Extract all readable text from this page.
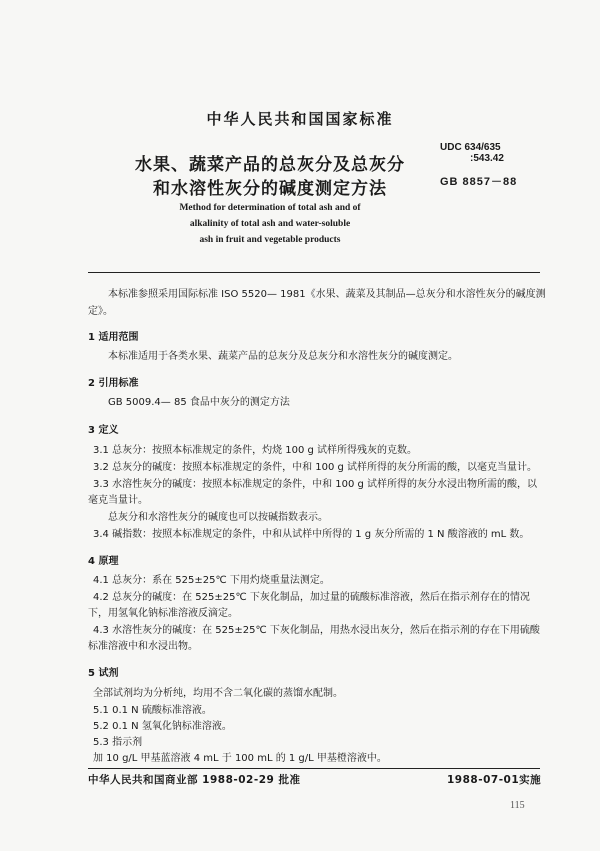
中华人民共和国国家标准
水果、蔬菜产品的总灰分及总灰分
和水溶性灰分的碱度测定方法
UDC 634/635
:543.42
GB 8857－88
Method for determination of total ash and of
alkalinity of total ash and water-soluble
ash in fruit and vegetable products
本标准参照采用国际标准 ISO 5520— 1981《水果、蔬菜及其制品—总灰分和水溶性灰分的碱度测
定》。
1 适用范围
本标准适用于各类水果、蔬菜产品的总灰分及总灰分和水溶性灰分的碱度测定。
2 引用标准
GB 5009.4— 85 食品中灰分的测定方法
3 定义
3.1 总灰分：按照本标准规定的条件，灼烧 100 g 试样所得残灰的克数。
3.2 总灰分的碱度：按照本标准规定的条件，中和 100 g 试样所得的灰分所需的酸，以毫克当量计。
3.3 水溶性灰分的碱度：按照本标准规定的条件，中和 100 g 试样所得的灰分水浸出物所需的酸，以
毫克当量计。
总灰分和水溶性灰分的碱度也可以按碱指数表示。
3.4 碱指数：按照本标准规定的条件，中和从试样中所得的 1 g 灰分所需的 1 N 酸溶液的 mL 数。
4 原理
4.1 总灰分：系在 525±25℃ 下用灼烧重量法测定。
4.2 总灰分的碱度：在 525±25℃ 下灰化制品，加过量的硫酸标准溶液，然后在指示剂存在的情况
下，用氢氧化钠标准溶液反滴定。
4.3 水溶性灰分的碱度：在 525±25℃ 下灰化制品，用热水浸出灰分，然后在指示剂的存在下用硫酸
标准溶液中和水浸出物。
5 试剂
全部试剂均为分析纯，均用不含二氧化碳的蒸馏水配制。
5.1 0.1 N 硫酸标准溶液。
5.2 0.1 N 氢氧化钠标准溶液。
5.3 指示剂
加 10 g/L 甲基蓝溶液 4 mL 于 100 mL 的 1 g/L 甲基橙溶液中。
中华人民共和国商业部 1988-02-29 批准	1988-07-01实施
115
